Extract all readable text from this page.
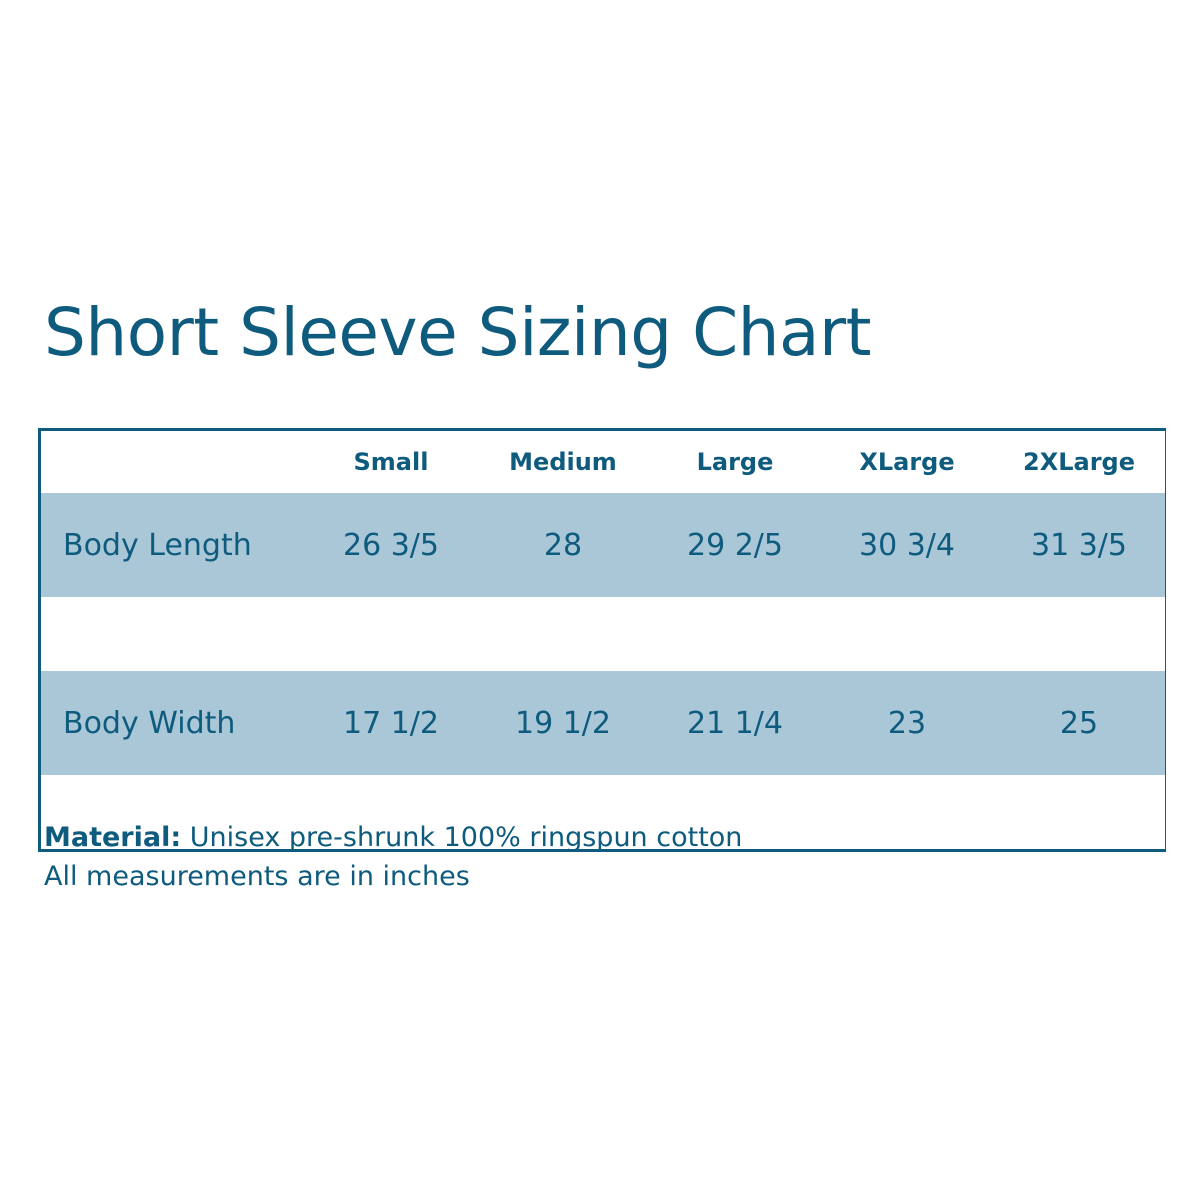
Short Sleeve Sizing Chart
	Small	Medium	Large	XLarge	2XLarge
Body Length	26 3/5	28	29 2/5	30 3/4	31 3/5

Body Width	17 1/2	19 1/2	21 1/4	23	25

Material: Unisex pre-shrunk 100% ringspun cotton
All measurements are in inches
